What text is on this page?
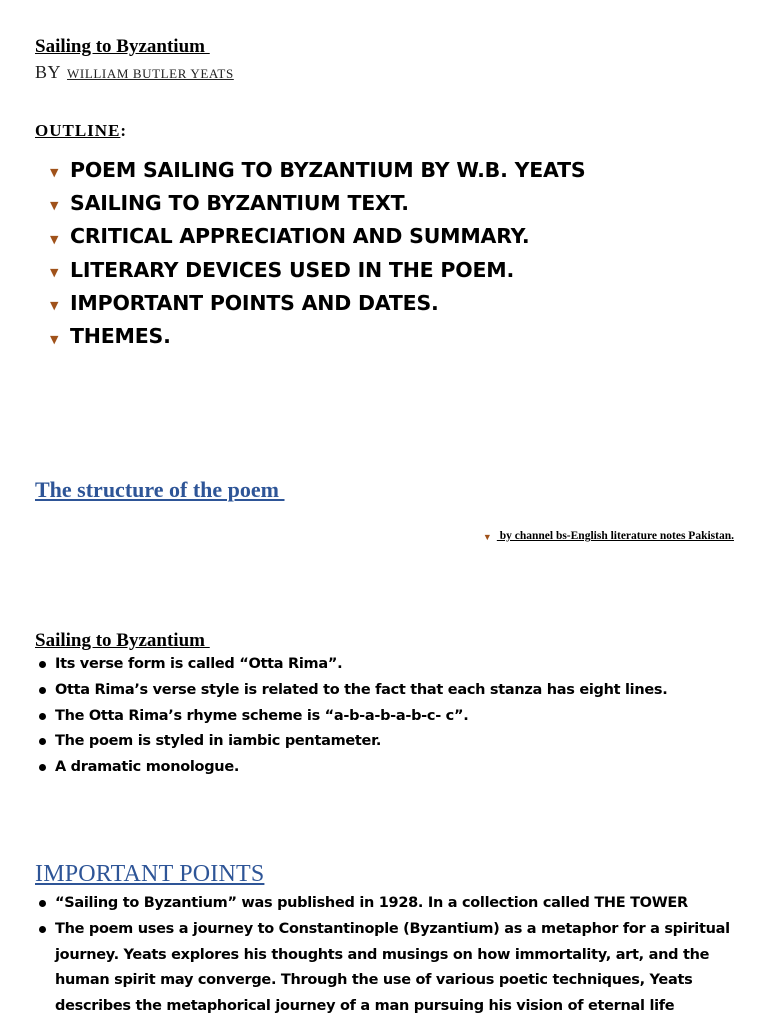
Sailing to Byzantium
BY WILLIAM BUTLER YEATS
OUTLINE:
▼ POEM SAILING TO BYZANTIUM BY W.B. YEATS
▼ SAILING TO BYZANTIUM TEXT.
▼ CRITICAL APPRECIATION AND SUMMARY.
▼ LITERARY DEVICES USED IN THE POEM.
▼ IMPORTANT POINTS AND DATES.
▼ THEMES.
The structure of the poem
▼ by channel bs-English literature notes Pakistan.
Sailing to Byzantium
Its verse form is called “Otta Rima”.
Otta Rima’s verse style is related to the fact that each stanza has eight lines.
The Otta Rima’s rhyme scheme is “a-b-a-b-a-b-c- c”.
The poem is styled in iambic pentameter.
A dramatic monologue.
IMPORTANT POINTS
“Sailing to Byzantium” was published in 1928. In a collection called THE TOWER
The poem uses a journey to Constantinople (Byzantium) as a metaphor for a spiritual journey. Yeats explores his thoughts and musings on how immortality, art, and the human spirit may converge. Through the use of various poetic techniques, Yeats describes the metaphorical journey of a man pursuing his vision of eternal life
